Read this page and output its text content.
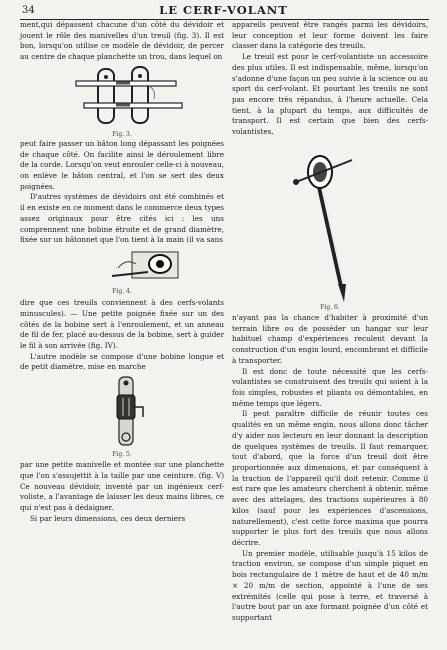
34	LE CERF-VOLANT

ment,qui dépassent chacune d'un côté du dévidoir et jouent le rôle des manivelles d'un treuil (fig. 3). Il est bon, lorsqu'on utilise ce modèle de dévidoir, de percer au centre de chaque planchette un trou, dans lequel on

Fig. 3.

peut faire passer un bâton long dépassant les poignées de chaque côté. On facilite ainsi le déroulement libre de la corde. Lorsqu'on veut enrouler celle-ci à nouveau, on enlève le bâton central, et l'on se sert des deux poignées.

D'autres systèmes de dévidoirs ont été combinés et il en existe en ce moment dans le commerce deux types assez originaux pour être cités ici : les uns comprennent une bobine étroite et de grand diamètre, fixée sur un bâtonnet que l'on tient à la main (il va sans

Fig. 4.

dire que ces treuils conviennent à des cerfs-volants minuscules). — Une petite poignée fixée sur un des côtés de la bobine sert à l'enroulement, et un anneau de fil de fer, placé au-dessus de la bobine, sert à guider le fil à son arrivée (fig. IV).

L'autre modèle se compose d'une bobine longue et de petit diamètre, mise en marche

Fig. 5.

par une petite manivelle et montée sur une planchette que l'on s'assujettit à la taille par une ceinture. (fig. V) Ce nouveau dévidoir, inventé par un ingénieux cerf-voliste, a l'avantage de laisser les deux mains libres, ce qui n'est pas à dédaigner.

Si par leurs dimensions, ces deux derniers

appareils peuvent être rangés parmi les dévidoirs, leur conception et leur forme doivent les faire classer dans la catégorie des treuils.

Le treuil est pour le cerf-volantiste un accessoire des plus utiles. Il est indispensable, même, lorsqu'on s'adonne d'une façon un peu suivie à la science ou au sport du cerf-volant. Et pourtant les treuils ne sont pas encore très répandus, à l'heure actuelle. Cela tient, à la plupart du temps, aux difficultés de transport. Il est certain que bien des cerfs-volantistes,

Fig. 6.

n'ayant pas la chance d'habiter à proximité d'un terrain libre ou de posséder un hangar sur leur habituel champ d'expériences reculent devant la construction d'un engin lourd, encombrant et difficile à transporter.

Il est donc de toute nécessité que les cerfs-volantistes se construisent des treuils qui soient à la fois simples, robustes et pliants ou démontables, en même temps que légers.

Il peut paraître difficile de réunir toutes ces qualités en un même engin, nous allons donc tâcher d'y aider nos lecteurs en leur donnant la description de quelques systèmes de treuils. Il faut remarquer, tout d'abord, que la force d'un treuil doit être proportionnée aux dimensions, et par conséquent à la traction de l'appareil qu'il doit retenir. Comme il est rare que les amateurs cherchent à obtenir, même avec des attelages, des tractions supérieures à 80 kilos (sauf pour les expériences d'ascensions, naturellement), c'est cette force maxima que pourra supporter le plus fort des treuils que nous allons décrire.

Un premier modèle, utilisable jusqu'à 15 kilos de traction environ, se compose d'un simple piquet en bois rectangulaire de 1 mètre de haut et de 40 m/m × 20 m/m de section, appointé à l'une de ses extrémités (celle qui pose à terre, et traversé à l'autre bout par un axe formant poignée d'un côté et supportant
